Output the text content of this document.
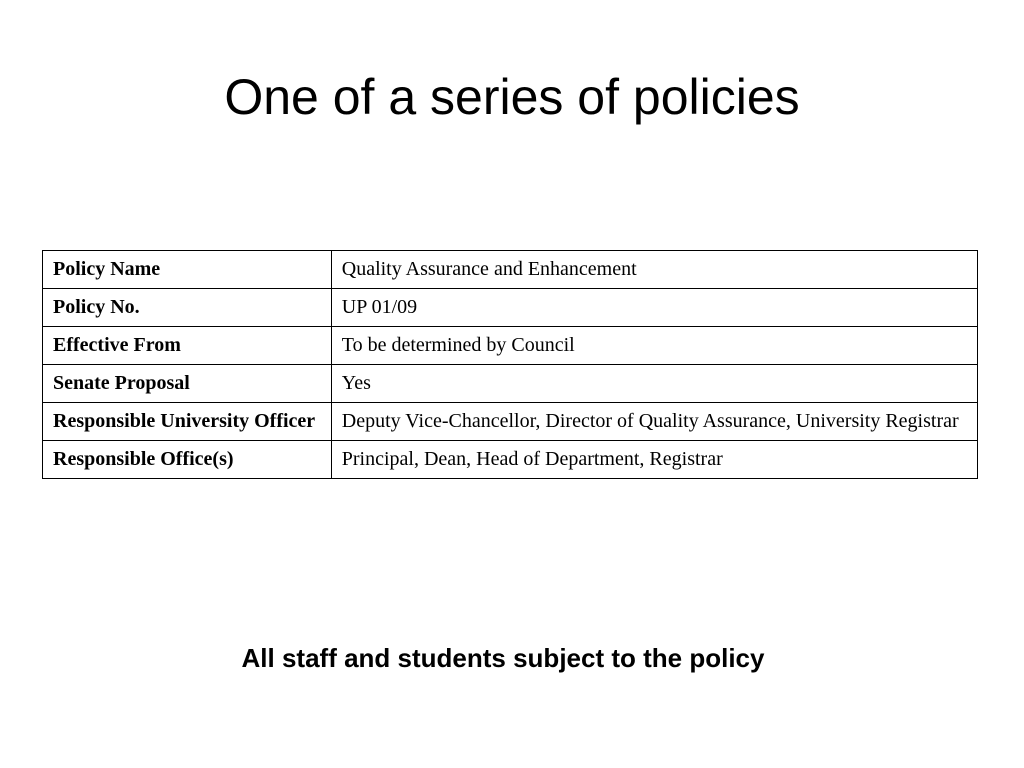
One of a series of policies
Policy Name	Quality Assurance and Enhancement
Policy No.	UP 01/09
Effective From	To be determined by Council
Senate Proposal	Yes
Responsible University Officer	Deputy Vice-Chancellor, Director of Quality Assurance, University Registrar
Responsible Office(s)	Principal, Dean, Head of Department, Registrar
All staff and students subject to the policy
